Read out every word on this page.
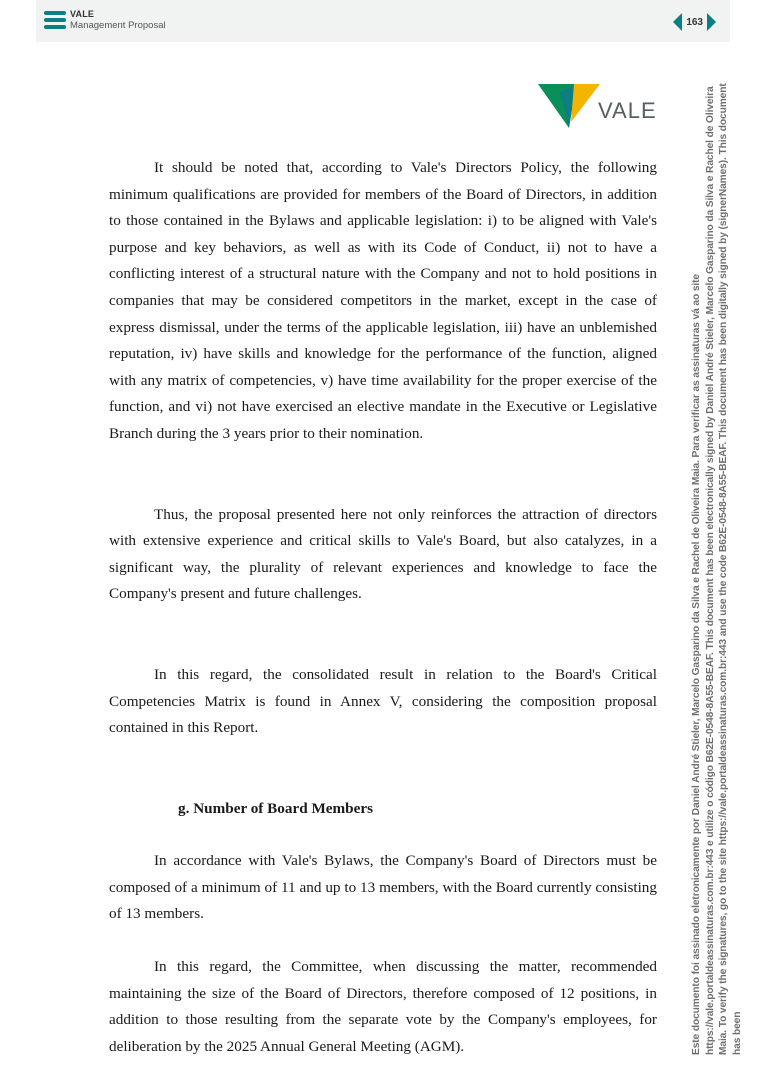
VALE
Management Proposal	163
VALE

It should be noted that, according to Vale's Directors Policy, the following minimum qualifications are provided for members of the Board of Directors, in addition to those contained in the Bylaws and applicable legislation: i) to be aligned with Vale's purpose and key behaviors, as well as with its Code of Conduct, ii) not to have a conflicting interest of a structural nature with the Company and not to hold positions in companies that may be considered competitors in the market, except in the case of express dismissal, under the terms of the applicable legislation, iii) have an unblemished reputation, iv) have skills and knowledge for the performance of the function, aligned with any matrix of competencies, v) have time availability for the proper exercise of the function, and vi) not have exercised an elective mandate in the Executive or Legislative Branch during the 3 years prior to their nomination.

Thus, the proposal presented here not only reinforces the attraction of directors with extensive experience and critical skills to Vale's Board, but also catalyzes, in a significant way, the plurality of relevant experiences and knowledge to face the Company's present and future challenges.

In this regard, the consolidated result in relation to the Board's Critical Competencies Matrix is found in Annex V, considering the composition proposal contained in this Report.

g. Number of Board Members

In accordance with Vale's Bylaws, the Company's Board of Directors must be composed of a minimum of 11 and up to 13 members, with the Board currently consisting of 13 members.

In this regard, the Committee, when discussing the matter, recommended maintaining the size of the Board of Directors, therefore composed of 12 positions, in addition to those resulting from the separate vote by the Company's employees, for deliberation by the 2025 Annual General Meeting (AGM).	Este documento foi assinado eletronicamente por Daniel André Stieler, Marcelo Gasparino da Silva e Rachel de Oliveira Maia. Para verificar as assinaturas vá ao site https://vale.portaldeassinaturas.com.br:443 e utilize o código B62E-0548-8A55-BEAF. This document has been electronically signed by Daniel André Stieler, Marcelo Gasparino da Silva e Rachel de Oliveira Maia. To verify the signatures, go to the site https://vale.portaldeassinaturas.com.br:443 and use the code B62E-0548-8A55-BEAF. This document has been digitally signed by (signerNames). This document has been
